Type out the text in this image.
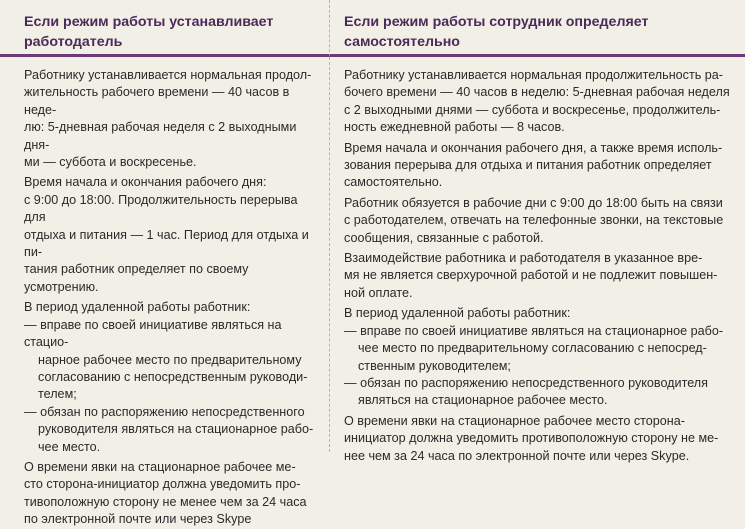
Если режим работы устанавливает
работодатель
Если режим работы сотрудник определяет
самостоятельно

Работнику устанавливается нормальная продол-
жительность рабочего времени — 40 часов в неде-
лю: 5-дневная рабочая неделя с 2 выходными дня-
ми — суббота и воскресенье.

Время начала и окончания рабочего дня:
с 9:00 до 18:00. Продолжительность перерыва для
отдыха и питания — 1 час. Период для отдыха и пи-
тания работник определяет по своему
усмотрению.

В период удаленной работы работник:

— вправе по своей инициативе являться на стацио-
нарное рабочее место по предварительному
согласованию с непосредственным руководи-
телем;

— обязан по распоряжению непосредственного
руководителя являться на стационарное рабо-
чее место.

О времени явки на стационарное рабочее ме-
сто сторона-инициатор должна уведомить про-
тивоположную сторону не менее чем за 24 часа
по электронной почте или через Skype

Работнику устанавливается нормальная продолжительность ра-
бочего времени — 40 часов в неделю: 5-дневная рабочая неделя
с 2 выходными днями — суббота и воскресенье, продолжитель-
ность ежедневной работы — 8 часов.

Время начала и окончания рабочего дня, а также время исполь-
зования перерыва для отдыха и питания работник определяет
самостоятельно.

Работник обязуется в рабочие дни с 9:00 до 18:00 быть на связи
с работодателем, отвечать на телефонные звонки, на текстовые
сообщения, связанные с работой.

Взаимодействие работника и работодателя в указанное вре-
мя не является сверхурочной работой и не подлежит повышен-
ной оплате.

В период удаленной работы работник:

— вправе по своей инициативе являться на стационарное рабо-
чее место по предварительному согласованию с непосред-
ственным руководителем;

— обязан по распоряжению непосредственного руководителя
являться на стационарное рабочее место.

О времени явки на стационарное рабочее место сторона-
инициатор должна уведомить противоположную сторону не ме-
нее чем за 24 часа по электронной почте или через Skype.
